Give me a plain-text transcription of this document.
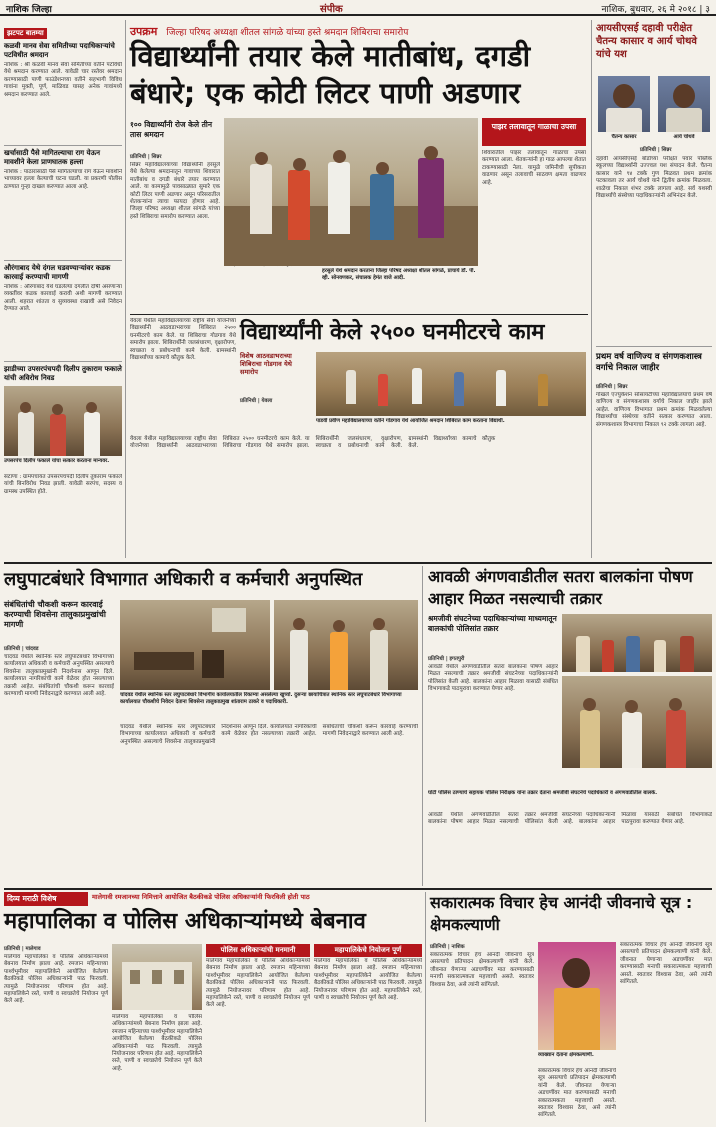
नाशिक जिल्हा	संपीक	नाशिक, बुधवार, २६ मे २०१८ | ३
झटपट बातम्या
कळवी मानव सेवा समितीच्या पदाधिकाऱ्यांचे पटविधीत श्रमदान
नाशिक : श्री कळवी मानव सेवा समितीच्या वतीने पटविधी येथे श्रमदान करण्यात आले. यावेळी चार रस्तेवर श्रमदान करण्यासाठी पाणी फाउंडेशनच्या वतीने सहभागी विविध गावांना मुक्ती, पूर्ण, माळिवड यासह अनेक गावांमध्ये श्रमदान करण्यात आले.
खर्चासाठी पैसे मागितल्याचा राग येऊन मावशीने केला प्राणघातक हल्ला
नाशिक : पाठारांसाठी पैसे मागितल्याचा राग येऊन मावशीने भाच्यावर हल्ला केल्याची घटना घडली. या प्रकरणी पोलीस ठाण्यात गुन्हा दाखल करण्यात आला आहे.
औरंगाबाद येथे दंगल घडवण्याऱ्यांवर कडक कारवाई करण्याची मागणी
नाशिक : औरंगाबाद येथे घडलेल्या दंगलीत दोषी असणाऱ्या व्यक्तींवर कडक कारवाई करावी अशी मागणी करण्यात आली. शहरात शांतता व सुव्यवस्था राखावी असे निवेदन देण्यात आले.
झाडीच्या उपसरपंचपदी दिलीप तुकाराम फकाले यांची अविरोध निवड
उपसरपंच दिलीप फकाले यांचा सत्कार करताना मान्यवर.
सटाणा : ग्रामपंचायत उपसरपंचपदी दिलीप तुकाराम फकाले यांची बिनविरोध निवड झाली. यावेळी सरपंच, सदस्य व ग्रामस्थ उपस्थित होते.
उपक्रम जिल्हा परिषद अध्यक्षा शीतल सांगळे यांच्या हस्ते श्रमदान शिबिराचा समारोप
विद्यार्थ्यांनी तयार केले मातीबांध, दगडी बंधारे; एक कोटी लिटर पाणी अडणार
१०० विद्यार्थ्यांनी रोज केले तीन तास श्रमदान
प्रतिनिधी | सिन्नर
सिन्नर महाविद्यालयाच्या विद्यार्थ्यांनी हरसुले येथे केलेल्या श्रमदानातून गावाच्या शिवारात मातीबांध व दगडी बंधारे तयार करण्यात आले. या कामामुळे पावसाळ्यात सुमारे एक कोटी लिटर पाणी अडणार असून परिसरातील शेतकऱ्यांना त्याचा फायदा होणार आहे. जिल्हा परिषद अध्यक्षा शीतल सांगळे यांच्या हस्ते शिबिराचा समारोप करण्यात आला.
हरसुले येथे श्रमदान करताना जिल्हा परिषद अध्यक्षा शीतल सांगळे, प्राचार्य डॉ. पी. व्ही. सोनवणकर, संचालक हेमंत वाजे आदी.
पाझर तलावातून गाळाचा उपसा
शिवारातील पाझर तलावातून गाळाचा उपसा करण्यात आला. शेतकऱ्यांनी हा गाळ आपल्या शेतात टाकण्यासाठी नेला. यामुळे जमिनीची सुपीकता वाढणार असून तलावाची साठवण क्षमता वाढणार आहे.
आयसीएसई दहावी परीक्षेत चैतन्य कासार व आर्य चोथवे यांचे यश
चैतन्य कासार	आर्य चोथवे
प्रतिनिधी | सिन्नर
दहावी आयसीएसई बोर्डाच्या परीक्षेत पवार पब्लिक स्कूलच्या विद्यार्थ्यांनी उज्ज्वल यश संपादन केले. चैतन्य कासार याने ९४ टक्के गुण मिळवत प्रथम क्रमांक पटकावला तर आर्य चोथवे याने द्वितीय क्रमांक मिळवला. शाळेचा निकाल शंभर टक्के लागला आहे. सर्व यशस्वी विद्यार्थ्यांचे संस्थेच्या पदाधिकाऱ्यांनी अभिनंदन केले.
प्रथम वर्ष वाणिज्य व संगणकशास्त्र वर्गाचे निकाल जाहीर
प्रतिनिधी | सिन्नर
गोखले एज्युकेशन सोसायटीच्या महाविद्यालयाचे प्रथम वर्ष वाणिज्य व संगणकशास्त्र वर्गाचे निकाल जाहीर झाले आहेत. वाणिज्य विभागात प्रथम क्रमांक मिळवलेल्या विद्यार्थ्यांचा संस्थेच्या वतीने सत्कार करण्यात आला. संगणकशास्त्र विभागाचा निकाल ९२ टक्के लागला आहे.
विद्यार्थ्यांनी केले २५०० घनमीटरचे काम
विशेष आठवडाभराच्या शिबिराचा गोडगाव येथे समारोप
प्रतिनिधी | येवला
पाडवी प्रवीण महाविद्यालयाच्या वतीने गोडगाव येथे आयोजित श्रमदान शिबिरात काम करताना विद्यार्थी.
येवला येथील महाविद्यालयाच्या राष्ट्रीय सेवा योजनेच्या विद्यार्थ्यांनी आठवडाभराच्या शिबिरात २५०० घनमीटरचे काम केले. या शिबिराचा गोडगाव येथे समारोप झाला. शिबिरार्थींनी जलसंधारण, वृक्षारोपण, स्वच्छता व प्रबोधनाची कामे केली. ग्रामस्थांनी विद्यार्थ्यांच्या कामाचे कौतुक केले.
येवला येथील महाविद्यालयाच्या राष्ट्रीय सेवा योजनेच्या विद्यार्थ्यांनी आठवडाभराच्या शिबिरात २५०० घनमीटरचे काम केले. या शिबिराचा गोडगाव येथे समारोप झाला. शिबिरार्थींनी जलसंधारण, वृक्षारोपण, स्वच्छता व प्रबोधनाची कामे केली. ग्रामस्थांनी विद्यार्थ्यांच्या कामाचे कौतुक केले.
लघुपाटबंधारे विभागात अधिकारी व कर्मचारी अनुपस्थित
संबंधितांची चौकशी करून कारवाई करण्याची शिवसेना तालुकाप्रमुखांची मागणी
प्रतिनिधी | चांदवड
चांदवड येथील स्थानिक स्तर लघुपाटबंधारे विभागाच्या कार्यालयात अधिकारी व कर्मचारी अनुपस्थित असल्याचे शिवसेना तालुकाप्रमुखांनी निदर्शनास आणून दिले. कार्यालयात नागरिकांची कामे वेळेवर होत नसल्याच्या तक्रारी आहेत. संबंधितांची चौकशी करून कारवाई करण्याची मागणी निवेदनाद्वारे करण्यात आली आहे.	चांदवड येथील स्थानिक स्तर लघुपाटबंधारे विभागीय कार्यालयातील रिकाम्या असलेल्या खुर्च्या. दुसऱ्या छायाचित्रात स्थानिक स्तर लघुपाटबंधारे विभागाच्या कार्यालयात चौकशीचे निवेदन देताना शिवसेना तालुकाप्रमुख शांताराम ठाकरे व पदाधिकारी.
चांदवड येथील स्थानिक स्तर लघुपाटबंधारे विभागाच्या कार्यालयात अधिकारी व कर्मचारी अनुपस्थित असल्याचे शिवसेना तालुकाप्रमुखांनी निदर्शनास आणून दिले. कार्यालयात नागरिकांची कामे वेळेवर होत नसल्याच्या तक्रारी आहेत. संबंधितांची चौकशी करून कारवाई करण्याची मागणी निवेदनाद्वारे करण्यात आली आहे.
आवळी अंगणवाडीतील सतरा बालकांना पोषण आहार मिळत नसल्याची तक्रार
श्रमजीवी संघटनेच्या पदाधिकाऱ्यांच्या माध्यमातून बालकांची पोलिसांत तक्रार
प्रतिनिधी | इगतपुरी
आवळी येथील अंगणवाडीतील सतरा बालकांना पोषण आहार मिळत नसल्याची तक्रार श्रमजीवी संघटनेच्या पदाधिकाऱ्यांनी पोलिसांत केली आहे. बालकांना आहार मिळावा यासाठी संबंधित विभागाकडे पाठपुरावा करण्यात येणार आहे.
घोटी पोलिस ठाण्याचे सहायक पोलिस निरीक्षक यांना तक्रार देताना श्रमजीवी संघटनेचे पदाधिकारी व अंगणवाडीतील बालके.
आवळी येथील अंगणवाडीतील सतरा बालकांना पोषण आहार मिळत नसल्याची तक्रार श्रमजीवी संघटनेच्या पदाधिकाऱ्यांनी पोलिसांत केली आहे. बालकांना आहार मिळावा यासाठी संबंधित विभागाकडे पाठपुरावा करण्यात येणार आहे.
दिव्य मराठी विशेष	मालेगावी रमजानच्या निमित्ताने आयोजित बैठकीकडे पोलिस अधिकाऱ्यांनी फिरविली होती पाठ
महापालिका व पोलिस अधिकाऱ्यांमध्ये बेबनाव
प्रतिनिधी | मालेगाव
मालेगाव महापालिका व पोलिस अधिकाऱ्यांमध्ये बेबनाव निर्माण झाला आहे. रमजान महिन्याच्या पार्श्वभूमीवर महापालिकेने आयोजित केलेल्या बैठकीकडे पोलिस अधिकाऱ्यांनी पाठ फिरवली. त्यामुळे नियोजनावर परिणाम होत आहे. महापालिकेने रस्ते, पाणी व स्वच्छतेचे नियोजन पूर्ण केले आहे.
मालेगाव महापालिका व पोलिस अधिकाऱ्यांमध्ये बेबनाव निर्माण झाला आहे. रमजान महिन्याच्या पार्श्वभूमीवर महापालिकेने आयोजित केलेल्या बैठकीकडे पोलिस अधिकाऱ्यांनी पाठ फिरवली. त्यामुळे नियोजनावर परिणाम होत आहे. महापालिकेने रस्ते, पाणी व स्वच्छतेचे नियोजन पूर्ण केले आहे.
पोलिस अधिकाऱ्यांची मनमानी
मालेगाव महापालिका व पोलिस अधिकाऱ्यांमध्ये बेबनाव निर्माण झाला आहे. रमजान महिन्याच्या पार्श्वभूमीवर महापालिकेने आयोजित केलेल्या बैठकीकडे पोलिस अधिकाऱ्यांनी पाठ फिरवली. त्यामुळे नियोजनावर परिणाम होत आहे. महापालिकेने रस्ते, पाणी व स्वच्छतेचे नियोजन पूर्ण केले आहे.
महापालिकेचे नियोजन पूर्ण
मालेगाव महापालिका व पोलिस अधिकाऱ्यांमध्ये बेबनाव निर्माण झाला आहे. रमजान महिन्याच्या पार्श्वभूमीवर महापालिकेने आयोजित केलेल्या बैठकीकडे पोलिस अधिकाऱ्यांनी पाठ फिरवली. त्यामुळे नियोजनावर परिणाम होत आहे. महापालिकेने रस्ते, पाणी व स्वच्छतेचे नियोजन पूर्ण केले आहे.
सकारात्मक विचार हेच आनंदी जीवनाचे सूत्र : क्षेमकल्याणी
प्रतिनिधी | नाशिक
सकारात्मक विचार हेच आनंदी जीवनाचे सूत्र असल्याचे प्रतिपादन क्षेमकल्याणी यांनी केले. जीवनात येणाऱ्या अडचणींवर मात करण्यासाठी मनाची सकारात्मकता महत्त्वाची असते. स्वतःवर विश्वास ठेवा, असे त्यांनी सांगितले.
व्याख्यान देताना क्षेमकल्याणी.
सकारात्मक विचार हेच आनंदी जीवनाचे सूत्र असल्याचे प्रतिपादन क्षेमकल्याणी यांनी केले. जीवनात येणाऱ्या अडचणींवर मात करण्यासाठी मनाची सकारात्मकता महत्त्वाची असते. स्वतःवर विश्वास ठेवा, असे त्यांनी सांगितले.
सकारात्मक विचार हेच आनंदी जीवनाचे सूत्र असल्याचे प्रतिपादन क्षेमकल्याणी यांनी केले. जीवनात येणाऱ्या अडचणींवर मात करण्यासाठी मनाची सकारात्मकता महत्त्वाची असते. स्वतःवर विश्वास ठेवा, असे त्यांनी सांगितले.
